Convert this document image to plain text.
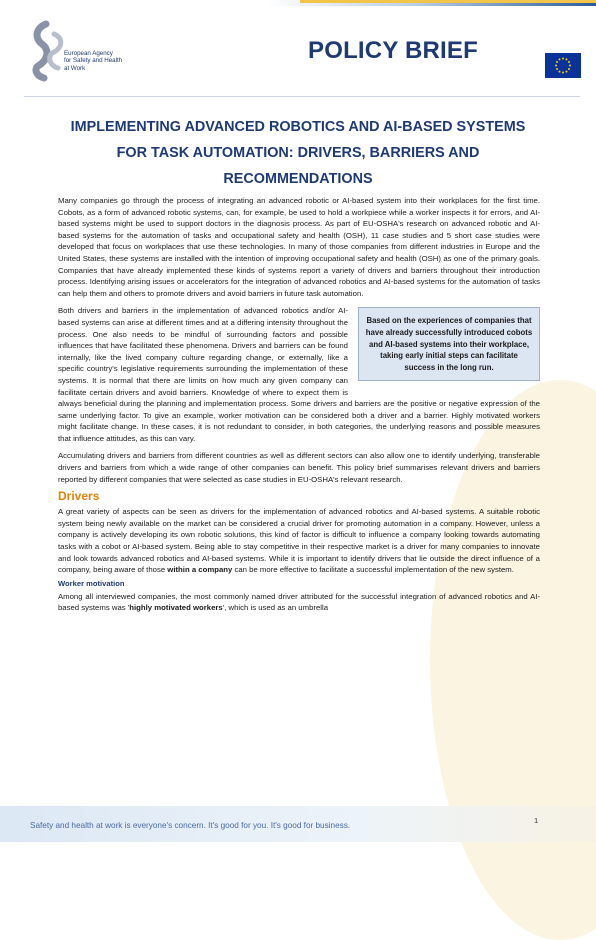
European Agency
for Safety and Health
at Work
POLICY BRIEF
IMPLEMENTING ADVANCED ROBOTICS AND AI-BASED SYSTEMS FOR TASK AUTOMATION: DRIVERS, BARRIERS AND RECOMMENDATIONS

Many companies go through the process of integrating an advanced robotic or AI-based system into their workplaces for the first time. Cobots, as a form of advanced robotic systems, can, for example, be used to hold a workpiece while a worker inspects it for errors, and AI-based systems might be used to support doctors in the diagnosis process. As part of EU-OSHA's research on advanced robotic and AI-based systems for the automation of tasks and occupational safety and health (OSH), 11 case studies and 5 short case studies were developed that focus on workplaces that use these technologies. In many of those companies from different industries in Europe and the United States, these systems are installed with the intention of improving occupational safety and health (OSH) as one of the primary goals. Companies that have already implemented these kinds of systems report a variety of drivers and barriers throughout their introduction process. Identifying arising issues or accelerators for the integration of advanced robotics and AI-based systems for the automation of tasks can help them and others to promote drivers and avoid barriers in future task automation.

Based on the experiences of companies that have already successfully introduced cobots and AI-based systems into their workplace, taking early initial steps can facilitate success in the long run.

Both drivers and barriers in the implementation of advanced robotics and/or AI-based systems can arise at different times and at a differing intensity throughout the process. One also needs to be mindful of surrounding factors and possible influences that have facilitated these phenomena. Drivers and barriers can be found internally, like the lived company culture regarding change, or externally, like a specific country's legislative requirements surrounding the implementation of these systems. It is normal that there are limits on how much any given company can facilitate certain drivers and avoid barriers. Knowledge of where to expect them is always beneficial during the planning and implementation process. Some drivers and barriers are the positive or negative expression of the same underlying factor. To give an example, worker motivation can be considered both a driver and a barrier. Highly motivated workers might facilitate change. In these cases, it is not redundant to consider, in both categories, the underlying reasons and possible measures that influence attitudes, as this can vary.

Accumulating drivers and barriers from different countries as well as different sectors can also allow one to identify underlying, transferable drivers and barriers from which a wide range of other companies can benefit. This policy brief summarises relevant drivers and barriers reported by different companies that were selected as case studies in EU-OSHA's relevant research.

Drivers

A great variety of aspects can be seen as drivers for the implementation of advanced robotics and AI-based systems. A suitable robotic system being newly available on the market can be considered a crucial driver for promoting automation in a company. However, unless a company is actively developing its own robotic solutions, this kind of factor is difficult to influence a company looking towards automating tasks with a cobot or AI-based system. Being able to stay competitive in their respective market is a driver for many companies to innovate and look towards advanced robotics and AI-based systems. While it is important to identify drivers that lie outside the direct influence of a company, being aware of those within a company can be more effective to facilitate a successful implementation of the new system.

Worker motivation

Among all interviewed companies, the most commonly named driver attributed for the successful integration of advanced robotics and AI-based systems was 'highly motivated workers', which is used as an umbrella

Safety and health at work is everyone's concern. It's good for you. It's good for business.
1
